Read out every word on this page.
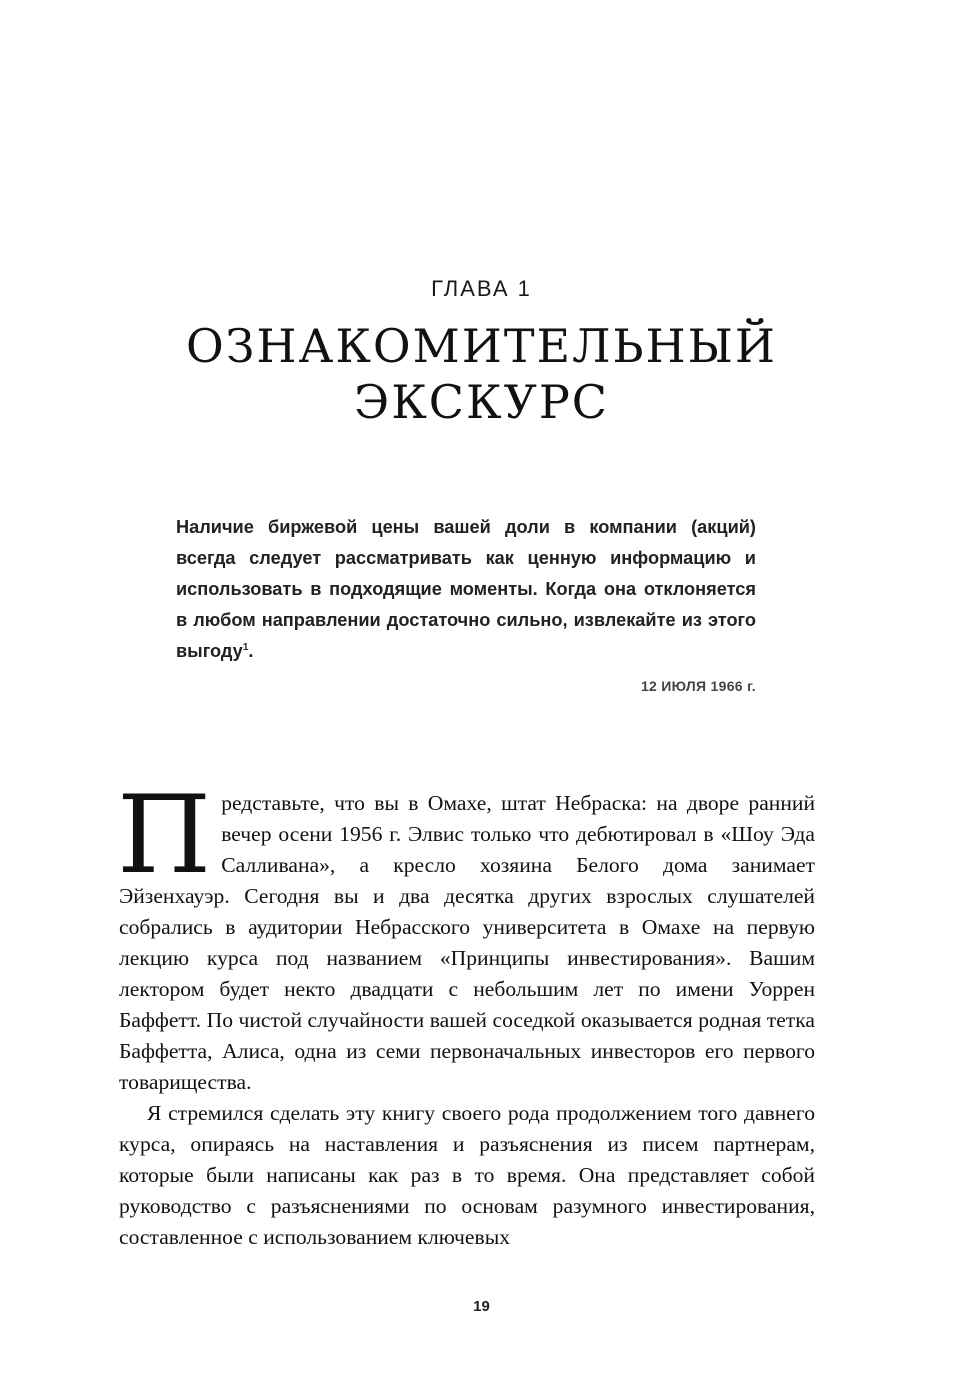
ГЛАВА 1
ОЗНАКОМИТЕЛЬНЫЙ
ЭКСКУРС

Наличие биржевой цены вашей доли в компании (акций) всегда следует рассматривать как ценную информацию и использовать в подходящие моменты. Когда она отклоняется в любом направлении достаточно сильно, извлекайте из этого выгоду$^1$.

12 ИЮЛЯ 1966 г.

Представьте, что вы в Омахе, штат Небраска: на дворе ранний вечер осени 1956 г. Элвис только что дебютировал в «Шоу Эда Салливана», а кресло хозяина Белого дома занимает Эйзенхауэр. Сегодня вы и два десятка других взрослых слушателей собрались в аудитории Небрасского университета в Омахе на первую лекцию курса под названием «Принципы инвестирования». Вашим лектором будет некто двадцати с небольшим лет по имени Уоррен Баффетт. По чистой случайности вашей соседкой оказывается родная тетка Баффетта, Алиса, одна из семи первоначальных инвесторов его первого товарищества.

Я стремился сделать эту книгу своего рода продолжением того давнего курса, опираясь на наставления и разъяснения из писем партнерам, которые были написаны как раз в то время. Она представляет собой руководство с разъяснениями по основам разумного инвестирования, составленное с использованием ключевых

19
